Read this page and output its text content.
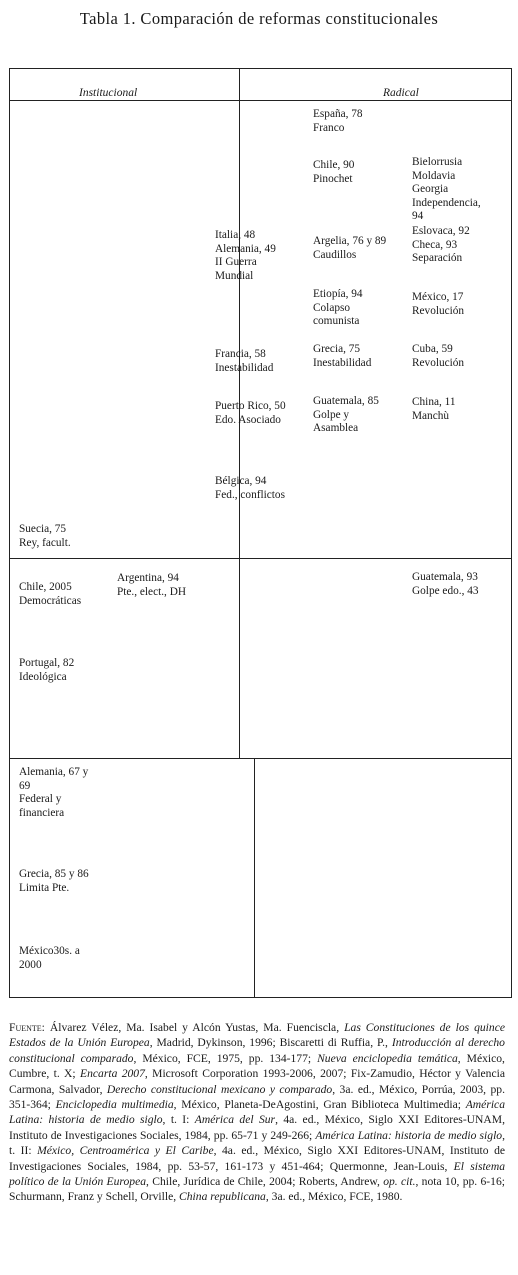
Tabla 1. Comparación de reformas constitucionales
Institucional	Radical
España, 78
Franco
Chile, 90
Pinochet
Bielorrusia
Moldavia
Georgia
Independencia,
94
Eslovaca, 92
Checa, 93
Separación
Italia, 48
Alemania, 49
II Guerra
Mundial
Argelia, 76 y 89
Caudillos
Etiopía, 94
Colapso
comunista
México, 17
Revolución
Francia, 58
Inestabilidad
Grecia, 75
Inestabilidad
Cuba, 59
Revolución
Puerto Rico, 50
Edo. Asociado
Guatemala, 85
Golpe y
Asamblea
China, 11
Manchù
Bélgica, 94
Fed., conflictos
Suecia, 75
Rey, facult.
Chile, 2005
Democráticas
Argentina, 94
Pte., elect., DH
Guatemala, 93
Golpe edo., 43
Portugal, 82
Ideológica
Alemania, 67 y
69
Federal y
financiera
Grecia, 85 y 86
Limita Pte.
México30s. a
2000
Fuente: Álvarez Vélez, Ma. Isabel y Alcón Yustas, Ma. Fuenciscla, Las Constituciones de los quince Estados de la Unión Europea, Madrid, Dykinson, 1996; Biscaretti di Ruffia, P., Introducción al derecho constitucional comparado, México, FCE, 1975, pp. 134-177; Nueva enciclopedia temática, México, Cumbre, t. X; Encarta 2007, Microsoft Corporation 1993-2006, 2007; Fix-Zamudio, Héctor y Valencia Carmona, Salvador, Derecho constitucional mexicano y comparado, 3a. ed., México, Porrúa, 2003, pp. 351-364; Enciclopedia multimedia, México, Planeta-DeAgostini, Gran Biblioteca Multimedia; América Latina: historia de medio siglo, t. I: América del Sur, 4a. ed., México, Siglo XXI Editores-UNAM, Instituto de Investigaciones Sociales, 1984, pp. 65-71 y 249-266; América Latina: historia de medio siglo, t. II: México, Centroamérica y El Caribe, 4a. ed., México, Siglo XXI Editores-UNAM, Instituto de Investigaciones Sociales, 1984, pp. 53-57, 161-173 y 451-464; Quermonne, Jean-Louis, El sistema político de la Unión Europea, Chile, Jurídica de Chile, 2004; Roberts, Andrew, op. cit., nota 10, pp. 6-16; Schurmann, Franz y Schell, Orville, China republicana, 3a. ed., México, FCE, 1980.
